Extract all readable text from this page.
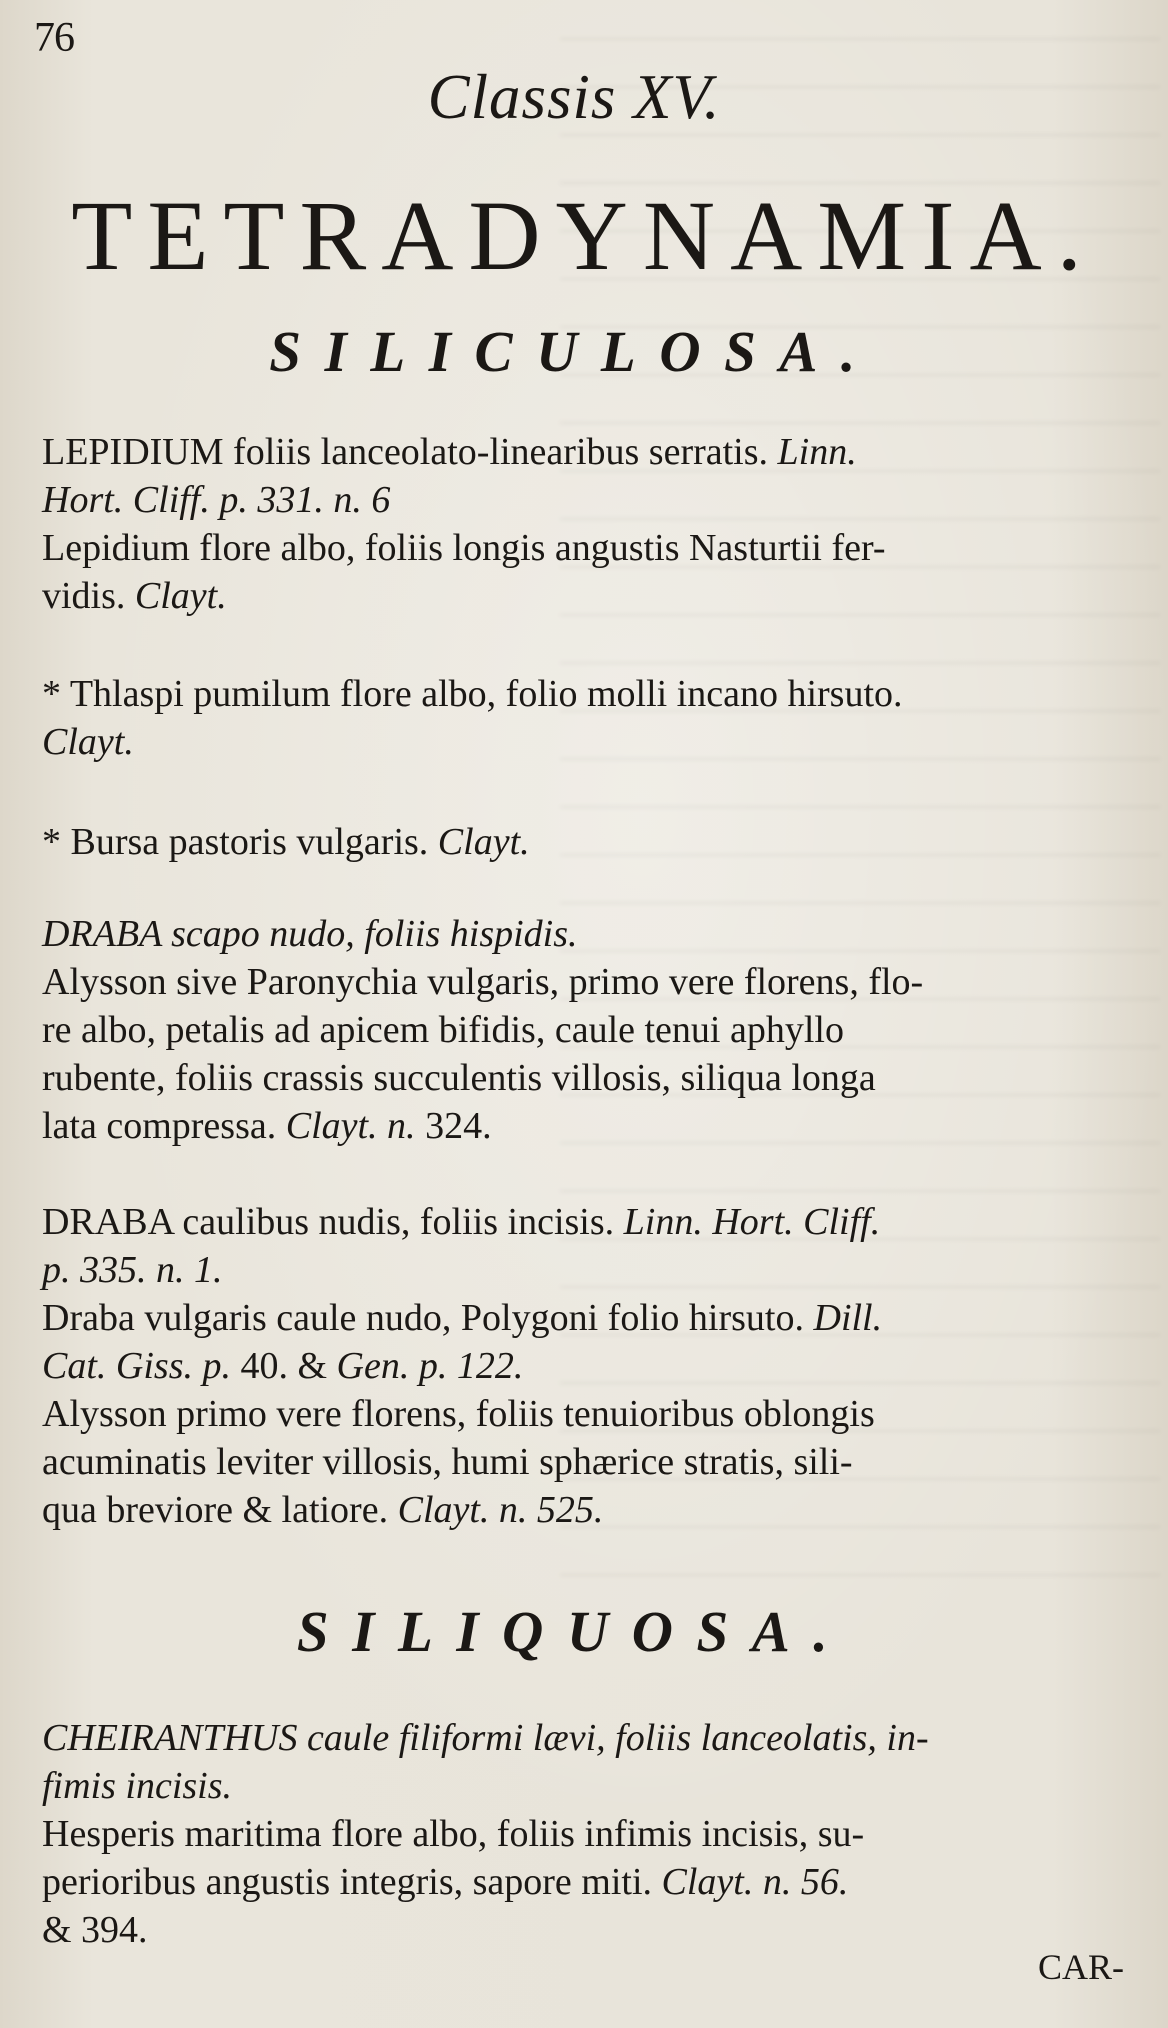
76
Classis XV.
TETRADYNAMIA.
SILICULOSA.
LEPIDIUM foliis lanceolato-linearibus serratis. Linn.
Hort. Cliff. p. 331. n. 6
Lepidium flore albo, foliis longis angustis Nasturtii fer-
vidis. Clayt.
* Thlaspi pumilum flore albo, folio molli incano hirsuto.
Clayt.
* Bursa pastoris vulgaris. Clayt.
DRABA scapo nudo, foliis hispidis.
Alysson sive Paronychia vulgaris, primo vere florens, flo-
re albo, petalis ad apicem bifidis, caule tenui aphyllo
rubente, foliis crassis succulentis villosis, siliqua longa
lata compressa. Clayt. n. 324.
DRABA caulibus nudis, foliis incisis. Linn. Hort. Cliff.
p. 335. n. 1.
Draba vulgaris caule nudo, Polygoni folio hirsuto. Dill.
Cat. Giss. p. 40. & Gen. p. 122.
Alysson primo vere florens, foliis tenuioribus oblongis
acuminatis leviter villosis, humi sphærice stratis, sili-
qua breviore & latiore. Clayt. n. 525.
SILIQUOSA.
CHEIRANTHUS caule filiformi lævi, foliis lanceolatis, in-
fimis incisis.
Hesperis maritima flore albo, foliis infimis incisis, su-
perioribus angustis integris, sapore miti. Clayt. n. 56.
& 394.
CAR-
